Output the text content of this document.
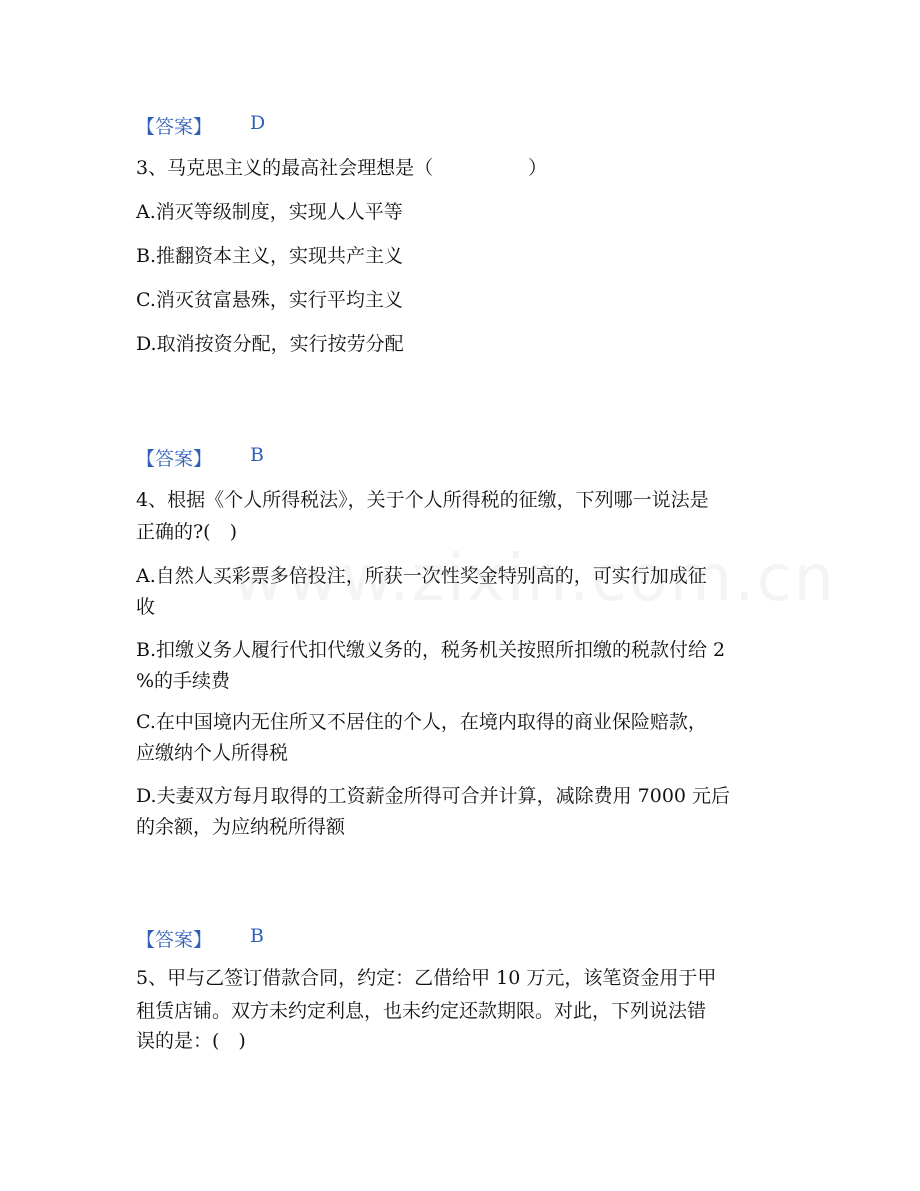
【答案】 D
3、马克思主义的最高社会理想是（　　　　　）
A.消灭等级制度，实现人人平等
B.推翻资本主义，实现共产主义
C.消灭贫富悬殊，实行平均主义
D.取消按资分配，实行按劳分配
【答案】 B
4、根据《个人所得税法》，关于个人所得税的征缴，下列哪一说法是
正确的?(　)
A.自然人买彩票多倍投注，所获一次性奖金特别高的，可实行加成征
收
B.扣缴义务人履行代扣代缴义务的，税务机关按照所扣缴的税款付给 2
%的手续费
C.在中国境内无住所又不居住的个人，在境内取得的商业保险赔款，
应缴纳个人所得税
D.夫妻双方每月取得的工资薪金所得可合并计算，减除费用 7000 元后
的余额，为应纳税所得额
【答案】 B
5、甲与乙签订借款合同，约定：乙借给甲 10 万元，该笔资金用于甲
租赁店铺。双方未约定利息，也未约定还款期限。对此，下列说法错
误的是：(　)
